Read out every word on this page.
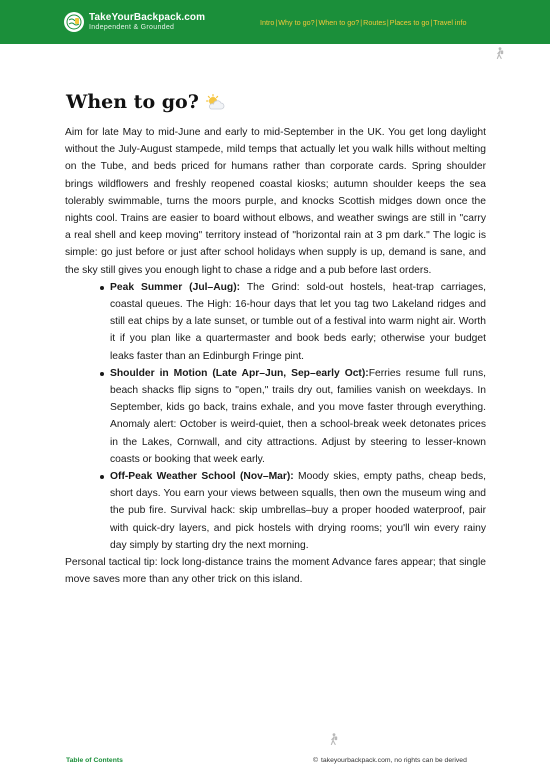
TakeYourBackpack.com
Independent & Grounded
Intro | Why to go? | When to go? | Routes | Places to go | Travel info
When to go?

Aim for late May to mid-June and early to mid-September in the UK. You get long daylight without the July-August stampede, mild temps that actually let you walk hills without melting on the Tube, and beds priced for humans rather than corporate cards. Spring shoulder brings wildflowers and freshly reopened coastal kiosks; autumn shoulder keeps the sea tolerably swimmable, turns the moors purple, and knocks Scottish midges down once the nights cool. Trains are easier to board without elbows, and weather swings are still in "carry a real shell and keep moving" territory instead of "horizontal rain at 3 pm dark." The logic is simple: go just before or just after school holidays when supply is up, demand is sane, and the sky still gives you enough light to chase a ridge and a pub before last orders.

Peak Summer (Jul–Aug): The Grind: sold-out hostels, heat-trap carriages, coastal queues. The High: 16-hour days that let you tag two Lakeland ridges and still eat chips by a late sunset, or tumble out of a festival into warm night air. Worth it if you plan like a quartermaster and book beds early; otherwise your budget leaks faster than an Edinburgh Fringe pint.
Shoulder in Motion (Late Apr–Jun, Sep–early Oct):Ferries resume full runs, beach shacks flip signs to "open," trails dry out, families vanish on weekdays. In September, kids go back, trains exhale, and you move faster through everything. Anomaly alert: October is weird-quiet, then a school-break week detonates prices in the Lakes, Cornwall, and city attractions. Adjust by steering to lesser-known coasts or booking that week early.
Off-Peak Weather School (Nov–Mar): Moody skies, empty paths, cheap beds, short days. You earn your views between squalls, then own the museum wing and the pub fire. Survival hack: skip umbrellas–buy a proper hooded waterproof, pair with quick-dry layers, and pick hostels with drying rooms; you'll win every rainy day simply by starting dry the next morning.

Personal tactical tip: lock long-distance trains the moment Advance fares appear; that single move saves more than any other trick on this island.

Table of Contents	© takeyourbackpack.com, no rights can be derived
